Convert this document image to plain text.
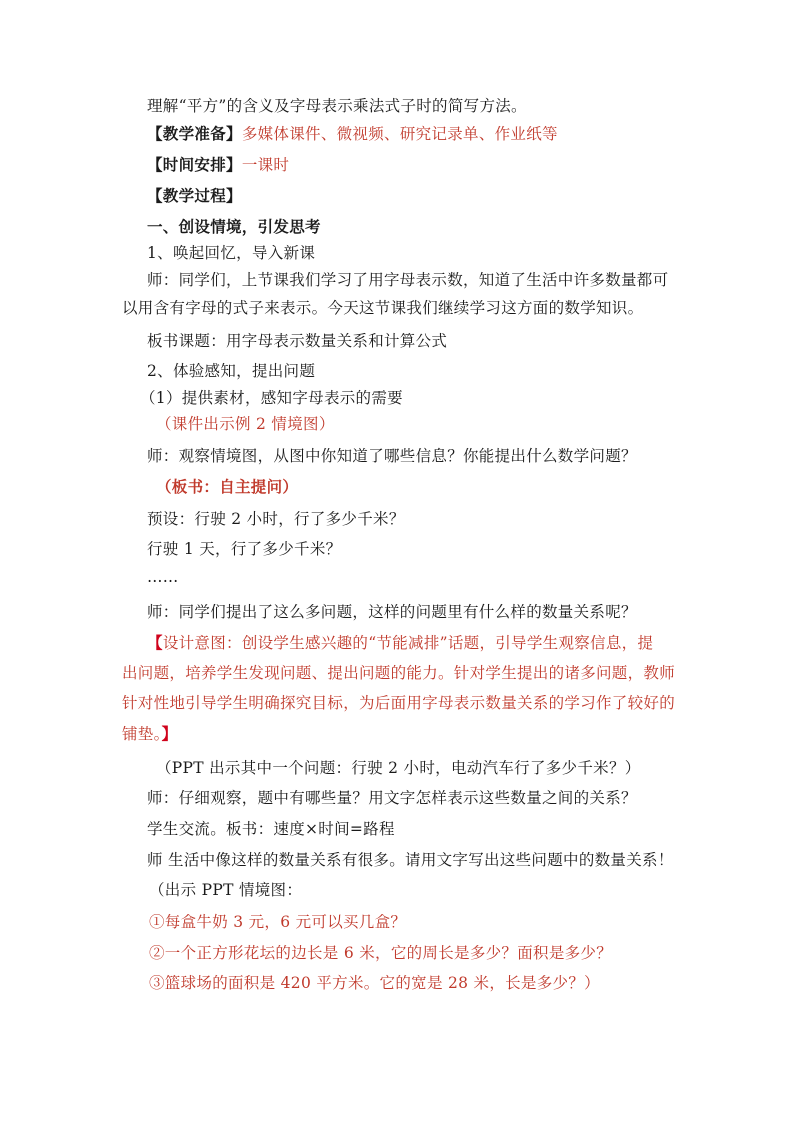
理解“平方”的含义及字母表示乘法式子时的简写方法。
【教学准备】多媒体课件、微视频、研究记录单、作业纸等
【时间安排】一课时
【教学过程】
一、创设情境，引发思考
1、唤起回忆，导入新课
师：同学们，上节课我们学习了用字母表示数，知道了生活中许多数量都可
以用含有字母的式子来表示。今天这节课我们继续学习这方面的数学知识。
板书课题：用字母表示数量关系和计算公式
2、体验感知，提出问题
（1）提供素材，感知字母表示的需要
（课件出示例 2 情境图）
师：观察情境图，从图中你知道了哪些信息？你能提出什么数学问题？
（板书：自主提问）
预设：行驶 2 小时，行了多少千米？
行驶 1 天，行了多少千米？
……
师：同学们提出了这么多问题，这样的问题里有什么样的数量关系呢？
【设计意图：创设学生感兴趣的“节能减排”话题，引导学生观察信息，提
出问题，培养学生发现问题、提出问题的能力。针对学生提出的诸多问题，教师
针对性地引导学生明确探究目标，为后面用字母表示数量关系的学习作了较好的
铺垫。】
（PPT 出示其中一个问题：行驶 2 小时，电动汽车行了多少千米？）
师：仔细观察，题中有哪些量？用文字怎样表示这些数量之间的关系？
学生交流。板书：速度×时间=路程
师 生活中像这样的数量关系有很多。请用文字写出这些问题中的数量关系！
（出示 PPT 情境图：
①每盒牛奶 3 元，6 元可以买几盒？
②一个正方形花坛的边长是 6 米，它的周长是多少？面积是多少？
③篮球场的面积是 420 平方米。它的宽是 28 米，长是多少？）
